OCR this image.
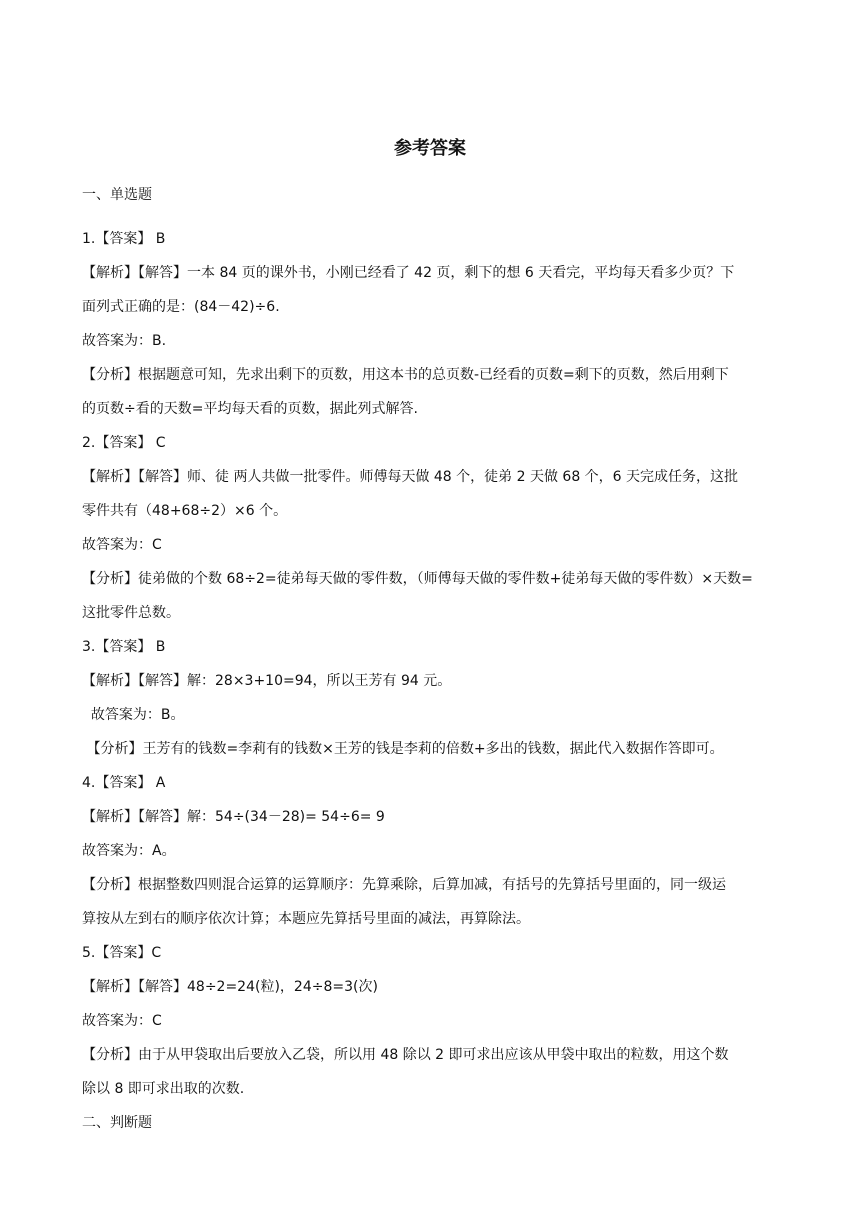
参考答案
一、单选题
1.【答案】 B
【解析】【解答】一本 84 页的课外书，小刚已经看了 42 页，剩下的想 6 天看完，平均每天看多少页？下
面列式正确的是：(84－42)÷6.
故答案为：B.
【分析】根据题意可知，先求出剩下的页数，用这本书的总页数-已经看的页数=剩下的页数，然后用剩下
的页数÷看的天数=平均每天看的页数，据此列式解答.
2.【答案】 C
【解析】【解答】师、徒 两人共做一批零件。师傅每天做 48 个，徒弟 2 天做 68 个，6 天完成任务，这批
零件共有（48+68÷2）×6 个。
故答案为：C
【分析】徒弟做的个数 68÷2=徒弟每天做的零件数，（师傅每天做的零件数+徒弟每天做的零件数）×天数=
这批零件总数。
3.【答案】 B
【解析】【解答】解：28×3+10=94，所以王芳有 94 元。
故答案为：B。
【分析】王芳有的钱数=李莉有的钱数×王芳的钱是李莉的倍数+多出的钱数，据此代入数据作答即可。
4.【答案】 A
【解析】【解答】解：54÷(34－28)= 54÷6= 9
故答案为：A。
【分析】根据整数四则混合运算的运算顺序：先算乘除，后算加减，有括号的先算括号里面的，同一级运
算按从左到右的顺序依次计算；本题应先算括号里面的减法，再算除法。
5.【答案】C
【解析】【解答】48÷2=24(粒)，24÷8=3(次)
故答案为：C
【分析】由于从甲袋取出后要放入乙袋，所以用 48 除以 2 即可求出应该从甲袋中取出的粒数，用这个数
除以 8 即可求出取的次数.
二、判断题
